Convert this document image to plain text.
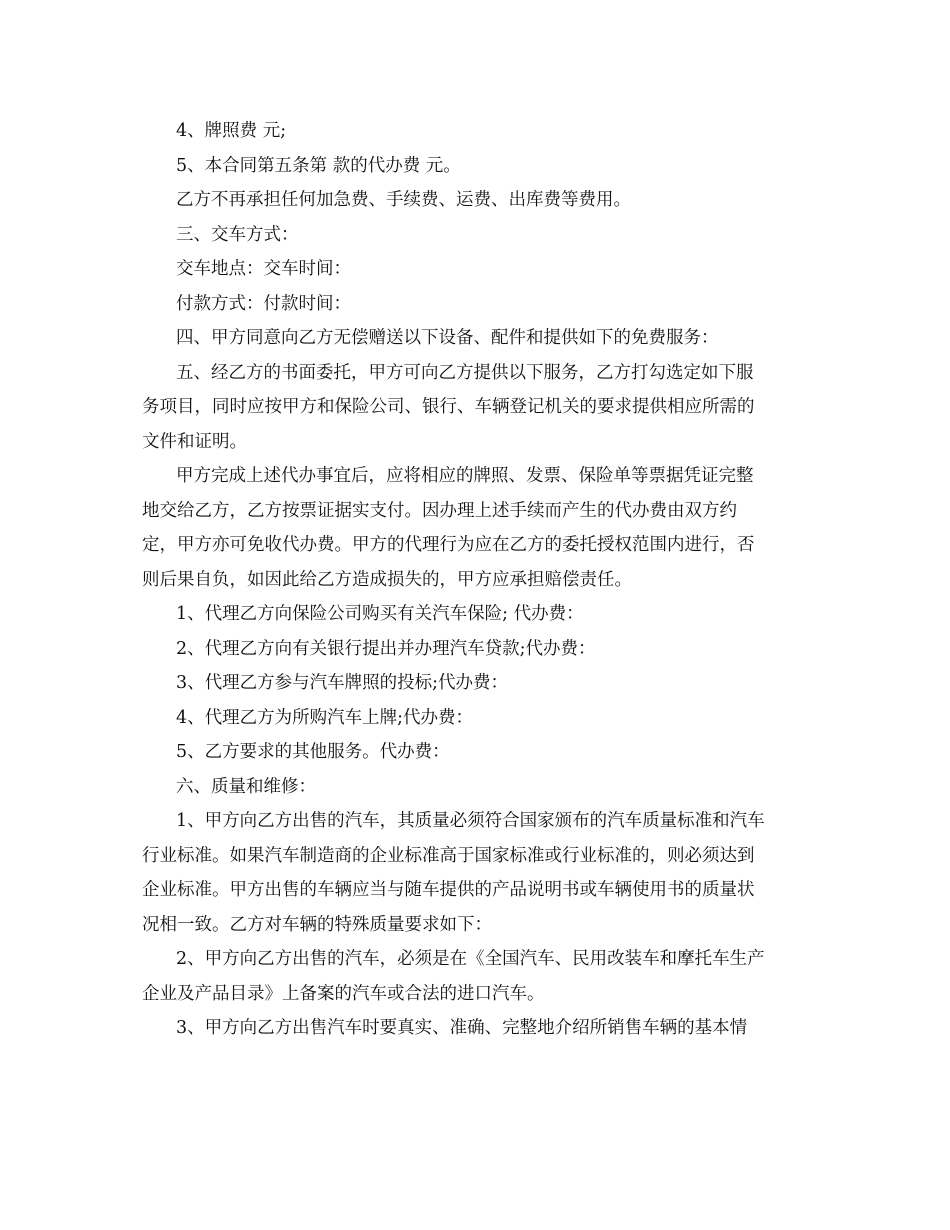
4、牌照费 元;
5、本合同第五条第 款的代办费 元。
乙方不再承担任何加急费、手续费、运费、出库费等费用。
三、交车方式：
交车地点：交车时间：
付款方式：付款时间：
四、甲方同意向乙方无偿赠送以下设备、配件和提供如下的免费服务：
五、经乙方的书面委托，甲方可向乙方提供以下服务，乙方打勾选定如下服
务项目，同时应按甲方和保险公司、银行、车辆登记机关的要求提供相应所需的
文件和证明。
甲方完成上述代办事宜后，应将相应的牌照、发票、保险单等票据凭证完整
地交给乙方，乙方按票证据实支付。因办理上述手续而产生的代办费由双方约
定，甲方亦可免收代办费。甲方的代理行为应在乙方的委托授权范围内进行，否
则后果自负，如因此给乙方造成损失的，甲方应承担赔偿责任。
1、代理乙方向保险公司购买有关汽车保险; 代办费：
2、代理乙方向有关银行提出并办理汽车贷款;代办费：
3、代理乙方参与汽车牌照的投标;代办费：
4、代理乙方为所购汽车上牌;代办费：
5、乙方要求的其他服务。代办费：
六、质量和维修：
1、甲方向乙方出售的汽车，其质量必须符合国家颁布的汽车质量标准和汽车
行业标准。如果汽车制造商的企业标准高于国家标准或行业标准的，则必须达到
企业标准。甲方出售的车辆应当与随车提供的产品说明书或车辆使用书的质量状
况相一致。乙方对车辆的特殊质量要求如下：
2、甲方向乙方出售的汽车，必须是在《全国汽车、民用改装车和摩托车生产
企业及产品目录》上备案的汽车或合法的进口汽车。
3、甲方向乙方出售汽车时要真实、准确、完整地介绍所销售车辆的基本情
